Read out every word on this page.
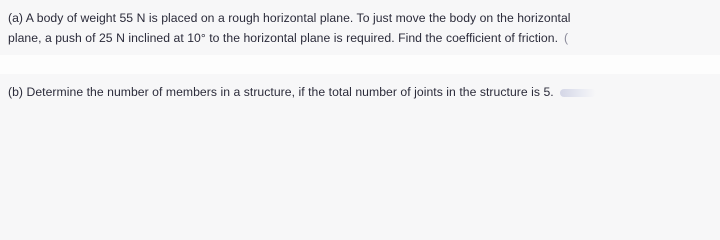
(a) A body of weight 55 N is placed on a rough horizontal plane. To just move the body on the horizontal
plane, a push of 25 N inclined at 10° to the horizontal plane is required. Find the coefficient of friction. (
(b) Determine the number of members in a structure, if the total number of joints in the structure is 5.
